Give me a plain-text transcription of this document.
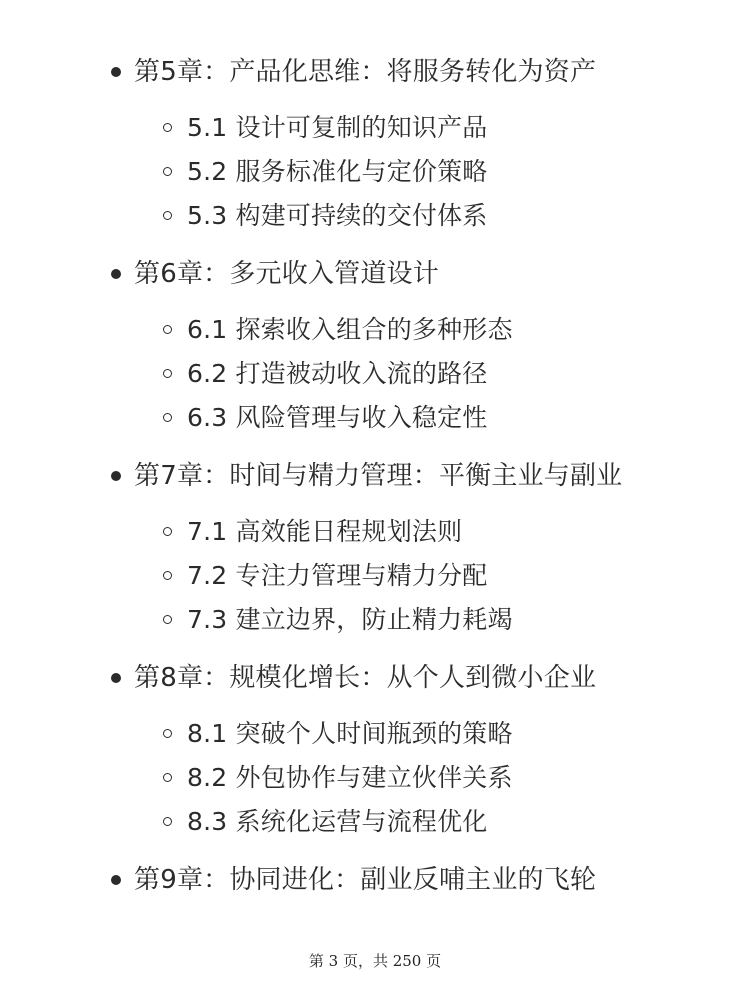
第5章：产品化思维：将服务转化为资产
5.1 设计可复制的知识产品
5.2 服务标准化与定价策略
5.3 构建可持续的交付体系
第6章：多元收入管道设计
6.1 探索收入组合的多种形态
6.2 打造被动收入流的路径
6.3 风险管理与收入稳定性
第7章：时间与精力管理：平衡主业与副业
7.1 高效能日程规划法则
7.2 专注力管理与精力分配
7.3 建立边界，防止精力耗竭
第8章：规模化增长：从个人到微小企业
8.1 突破个人时间瓶颈的策略
8.2 外包协作与建立伙伴关系
8.3 系统化运营与流程优化
第9章：协同进化：副业反哺主业的飞轮
第 3 页，共 250 页
